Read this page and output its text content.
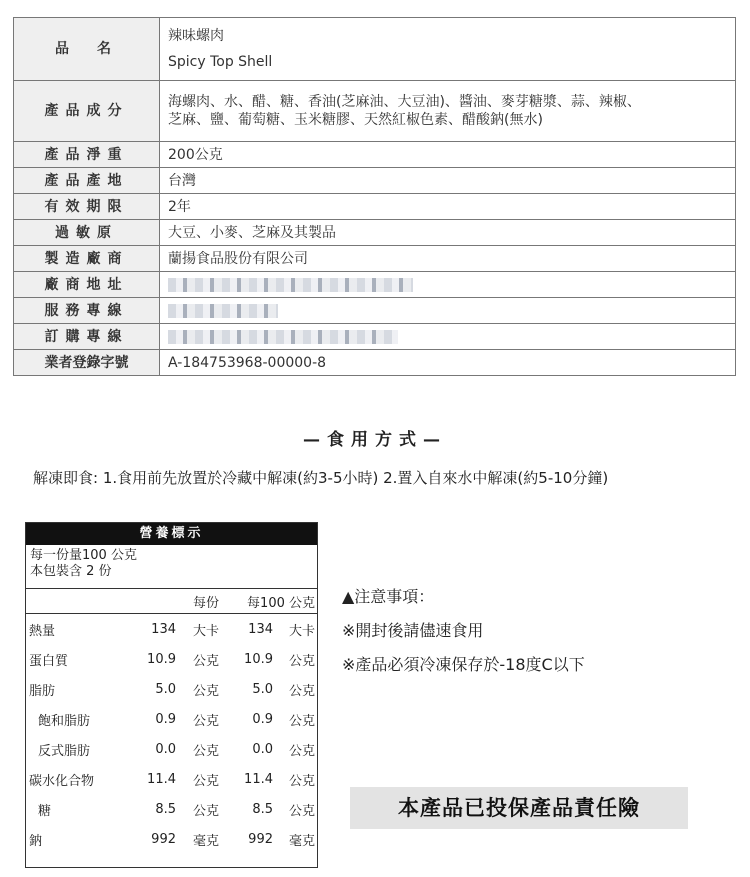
品　名	辣味螺肉
Spicy Top Shell

產品成分	海螺肉、水、醋、糖、香油(芝麻油、大豆油)、醬油、麥芽糖漿、蒜、辣椒、
芝麻、鹽、葡萄糖、玉米糖膠、天然紅椒色素、醋酸鈉(無水)

產品淨重	200公克
產品產地	台灣
有效期限	2年
過敏原	大豆、小麥、芝麻及其製品
製造廠商	蘭揚食品股份有限公司
廠商地址	
服務專線	
訂購專線	
業者登錄字號	A-184753968-00000-8
—食用方式—
解凍即食: 1.食用前先放置於冷藏中解凍(約3-5小時) 2.置入自來水中解凍(約5-10分鐘)
營養標示
每一份量100 公克
本包裝含 2 份
		每份	每100 公克	
熱量	134	大卡	134	大卡
蛋白質	10.9	公克	10.9	公克
脂肪	5.0	公克	5.0	公克
飽和脂肪	0.9	公克	0.9	公克
反式脂肪	0.0	公克	0.0	公克
碳水化合物	11.4	公克	11.4	公克
糖	8.5	公克	8.5	公克
鈉	992	毫克	992	毫克
▲注意事項：
※開封後請儘速食用
※產品必須冷凍保存於-18度C以下
本產品已投保產品責任險
